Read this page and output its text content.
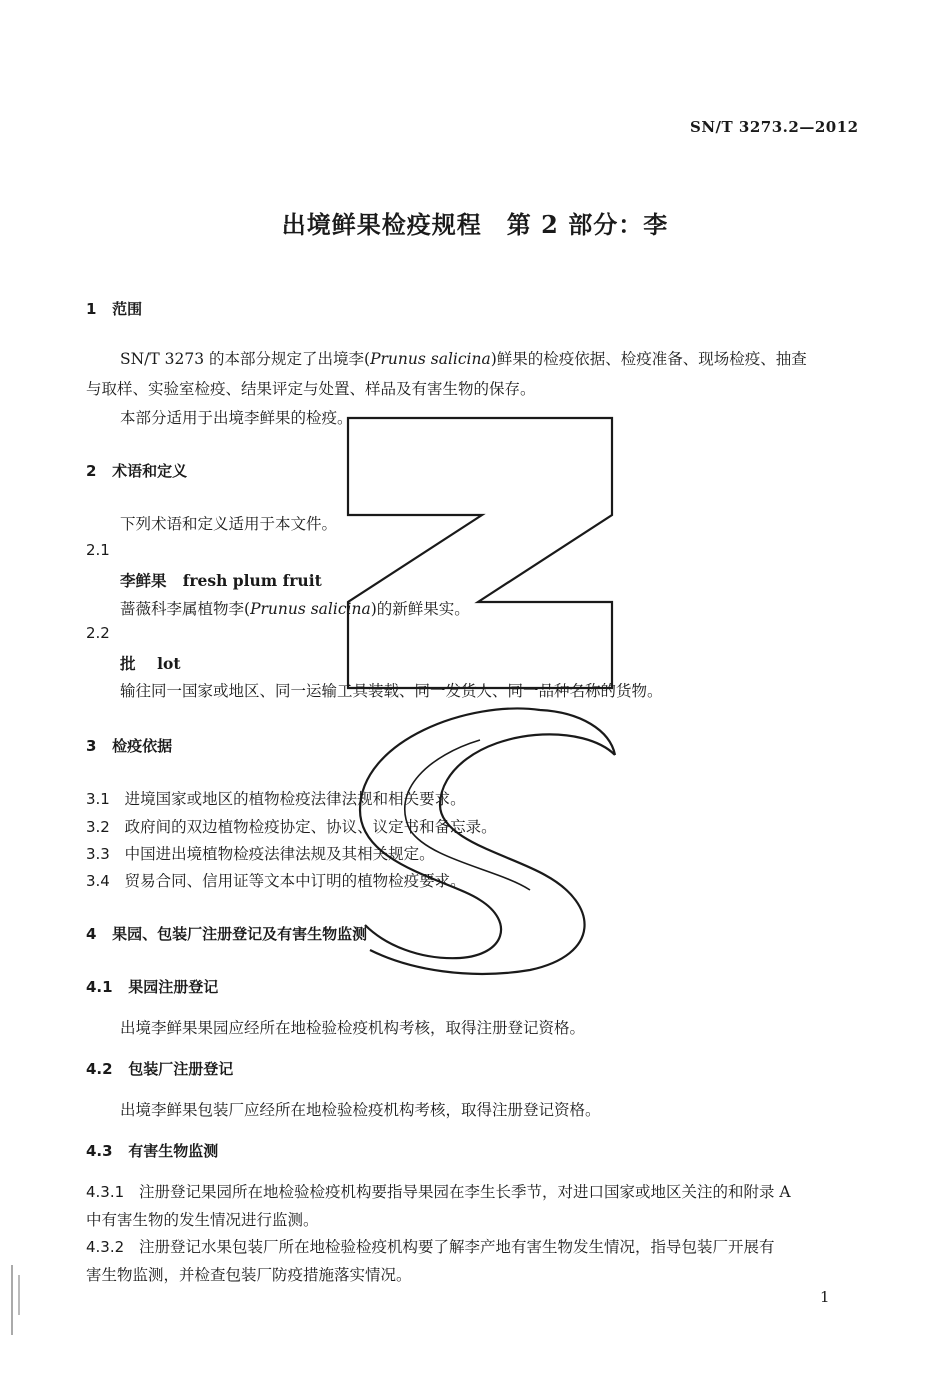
SN/T 3273.2—2012
出境鲜果检疫规程　第 2 部分：李
1 范围
SN/T 3273 的本部分规定了出境李(Prunus salicina)鲜果的检疫依据、检疫准备、现场检疫、抽查
与取样、实验室检疫、结果评定与处置、样品及有害生物的保存。
本部分适用于出境李鲜果的检疫。
2 术语和定义
下列术语和定义适用于本文件。
2.1
李鲜果 fresh plum fruit
蔷薇科李属植物李(Prunus salicina)的新鲜果实。
2.2
批 lot
输往同一国家或地区、同一运输工具装载、同一发货人、同一品种名称的货物。
3 检疫依据
3.1 进境国家或地区的植物检疫法律法规和相关要求。
3.2 政府间的双边植物检疫协定、协议、议定书和备忘录。
3.3 中国进出境植物检疫法律法规及其相关规定。
3.4 贸易合同、信用证等文本中订明的植物检疫要求。
4 果园、包装厂注册登记及有害生物监测
4.1 果园注册登记
出境李鲜果果园应经所在地检验检疫机构考核，取得注册登记资格。
4.2 包装厂注册登记
出境李鲜果包装厂应经所在地检验检疫机构考核，取得注册登记资格。
4.3 有害生物监测
4.3.1 注册登记果园所在地检验检疫机构要指导果园在李生长季节，对进口国家或地区关注的和附录 A
中有害生物的发生情况进行监测。
4.3.2 注册登记水果包装厂所在地检验检疫机构要了解李产地有害生物发生情况，指导包装厂开展有
害生物监测，并检查包装厂防疫措施落实情况。
1
